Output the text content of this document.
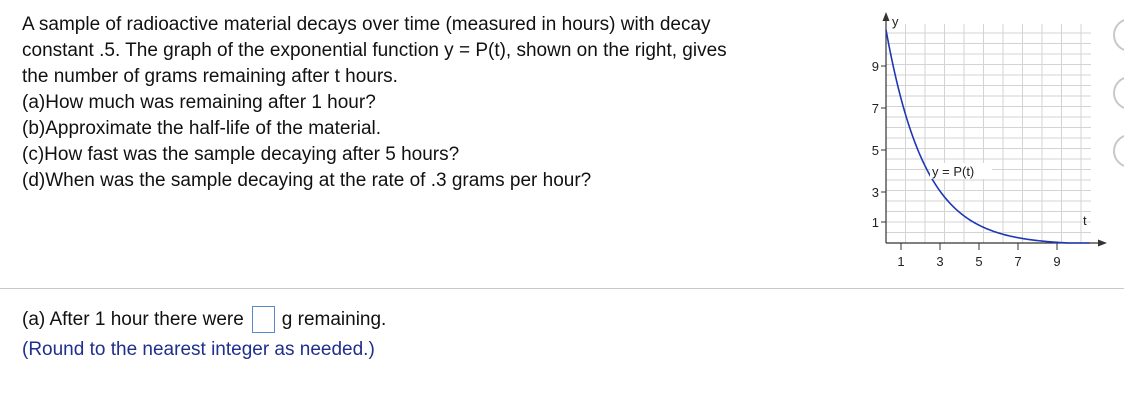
A sample of radioactive material decays over time (measured in hours) with decay
constant .5. The graph of the exponential function y = P(t), shown on the right, gives
the number of grams remaining after t hours.
(a)How much was remaining after 1 hour?
(b)Approximate the half-life of the material.
(c)How fast was the sample decaying after 5 hours?
(d)When was the sample decaying at the rate of .3 grams per hour?
y
t
9
7
5
3
1
1 3 5 7 9
y = P(t)
(a) After 1 hour there were g remaining.
(Round to the nearest integer as needed.)
